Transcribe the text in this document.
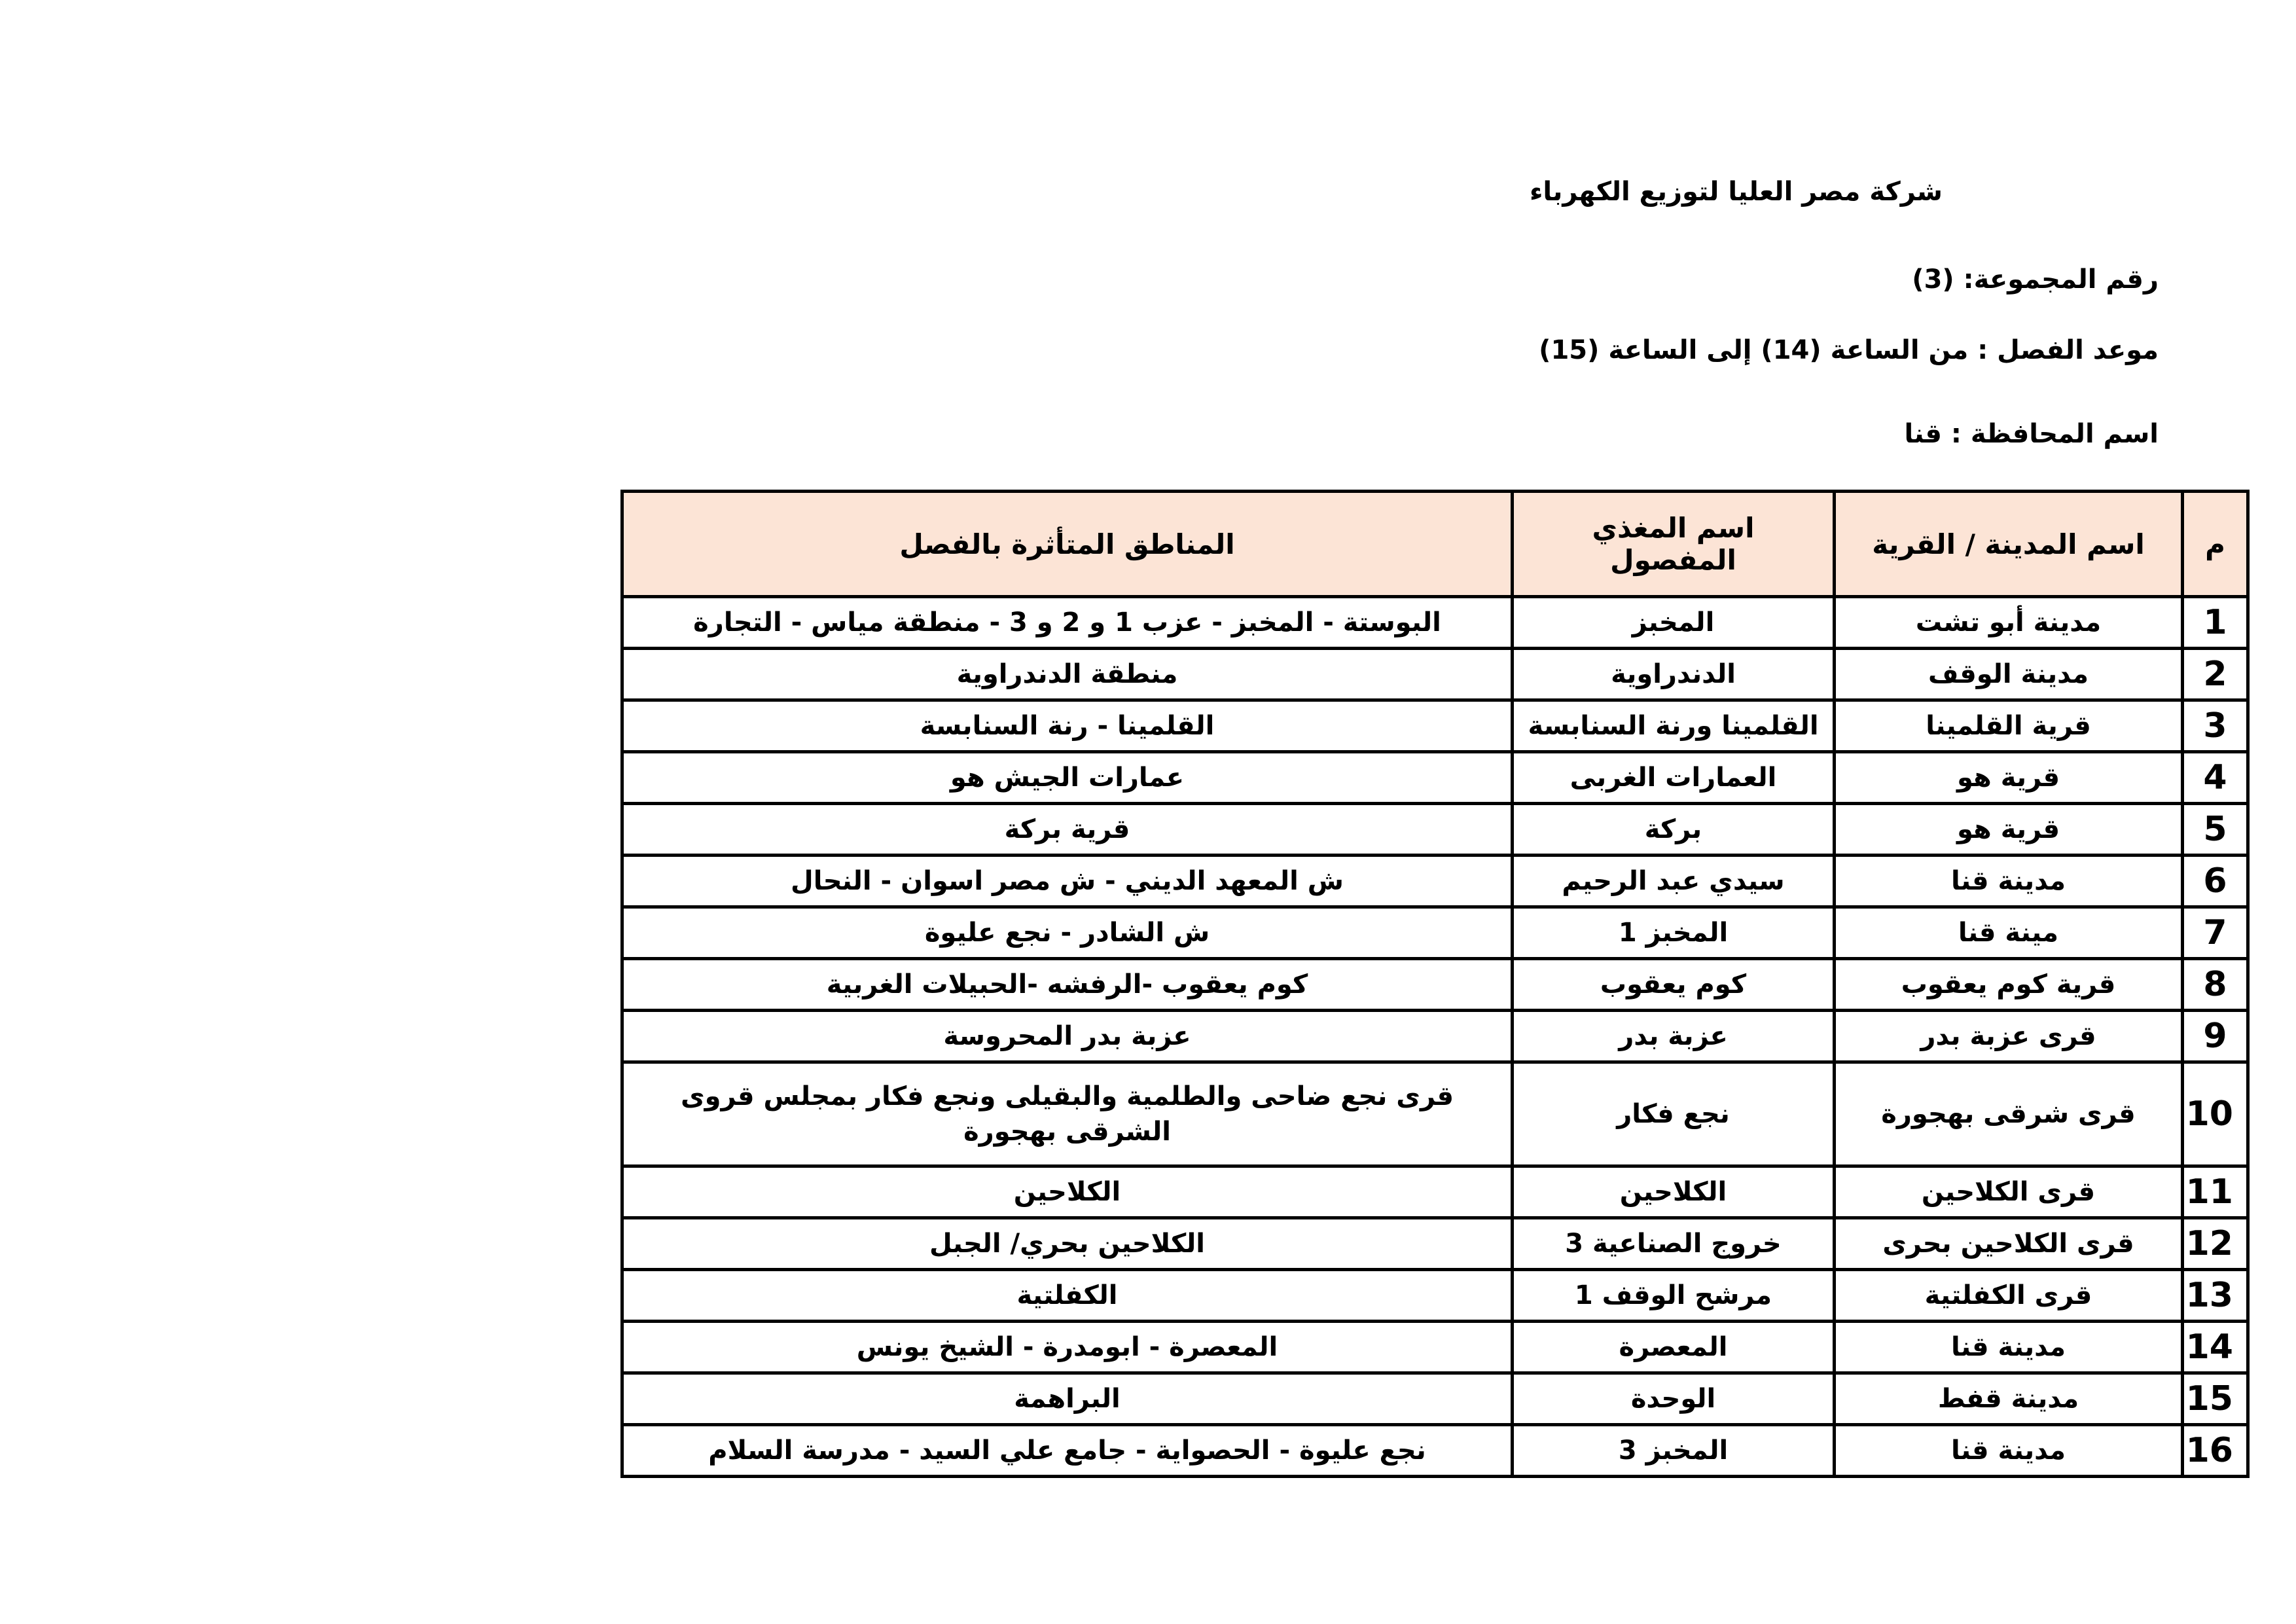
شركة مصر العليا لتوزيع الكهرباء
رقم المجموعة: (3)
موعد الفصل : من الساعة (14) إلى الساعة (15)
اسم المحافظة : قنا
م	اسم المدينة / القرية	اسم المغذي المفصول	المناطق المتأثرة بالفصل
1	مدينة أبو تشت	المخبز	البوستة - المخبز - عزب 1 و 2 و 3 - منطقة مياس - التجارة
2	مدينة الوقف	الدندراوية	منطقة الدندراوية
3	قرية القلمينا	القلمينا ورنة السنابسة	القلمينا - رنة السنابسة
4	قرية هو	العمارات الغربى	عمارات الجيش هو
5	قرية هو	بركة	قرية بركة
6	مدينة قنا	سيدي عبد الرحيم	ش المعهد الديني - ش مصر اسوان - النحال
7	مينة قنا	المخبز 1	ش الشادر - نجع عليوة
8	قرية كوم يعقوب	كوم يعقوب	كوم يعقوب -الرفشه -الحبيلات الغربية
9	قرى عزبة بدر	عزبة بدر	عزبة بدر المحروسة
10	قرى شرقى بهجورة	نجع فكار	قرى نجع ضاحى والطلمية والبقيلى ونجع فكار بمجلس قروى الشرقى بهجورة
11	قرى الكلاحين	الكلاحين	الكلاحين
12	قرى الكلاحين بحرى	خروج الصناعية 3	الكلاحين بحري/ الجبل
13	قرى الكفلتية	مرشح الوقف 1	الكفلتية
14	مدينة قنا	المعصرة	المعصرة - ابومدرة - الشيخ يونس
15	مدينة قفط	الوحدة	البراهمة
16	مدينة قنا	المخبز 3	نجع عليوة - الحصواية - جامع علي السيد - مدرسة السلام
